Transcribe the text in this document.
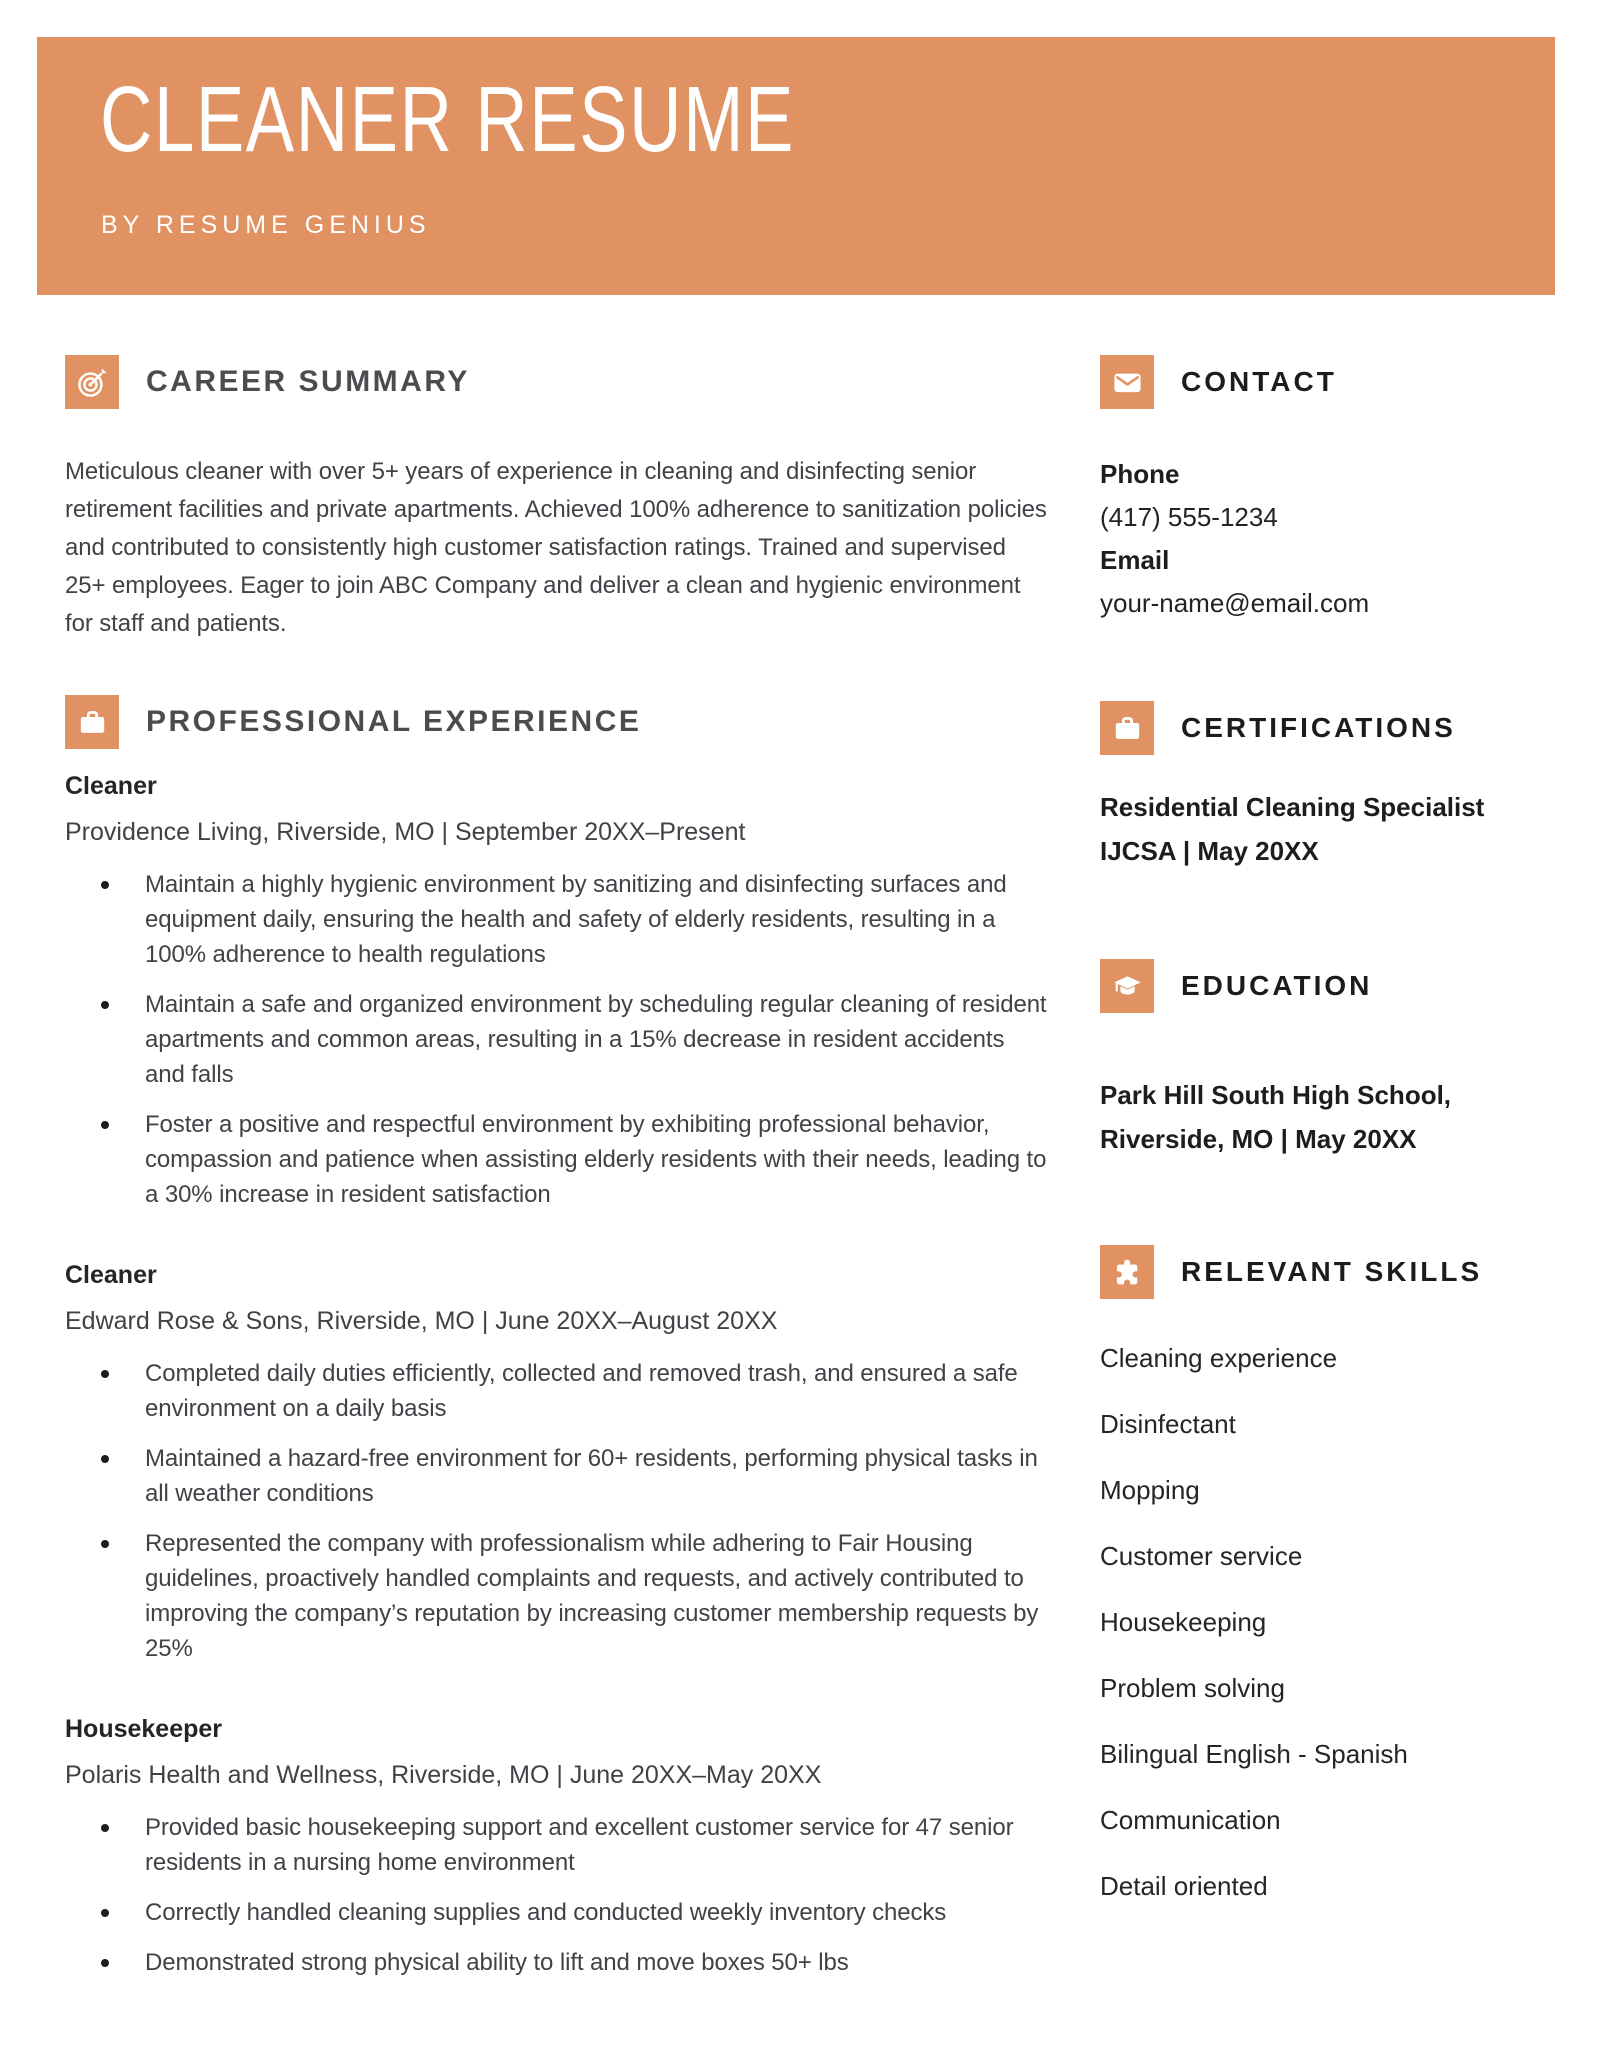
CLEANER RESUME
BY RESUME GENIUS
CAREER SUMMARY

Meticulous cleaner with over 5+ years of experience in cleaning and disinfecting senior retirement facilities and private apartments. Achieved 100% adherence to sanitization policies and contributed to consistently high customer satisfaction ratings. Trained and supervised 25+ employees. Eager to join ABC Company and deliver a clean and hygienic environment for staff and patients.

PROFESSIONAL EXPERIENCE
Cleaner
Providence Living, Riverside, MO | September 20XX–Present
Maintain a highly hygienic environment by sanitizing and disinfecting surfaces and equipment daily, ensuring the health and safety of elderly residents, resulting in a 100% adherence to health regulations
Maintain a safe and organized environment by scheduling regular cleaning of resident apartments and common areas, resulting in a 15% decrease in resident accidents and falls
Foster a positive and respectful environment by exhibiting professional behavior, compassion and patience when assisting elderly residents with their needs, leading to a 30% increase in resident satisfaction
Cleaner
Edward Rose & Sons, Riverside, MO | June 20XX–August 20XX
Completed daily duties efficiently, collected and removed trash, and ensured a safe environment on a daily basis
Maintained a hazard-free environment for 60+ residents, performing physical tasks in all weather conditions
Represented the company with professionalism while adhering to Fair Housing guidelines, proactively handled complaints and requests, and actively contributed to improving the company’s reputation by increasing customer membership requests by 25%
Housekeeper
Polaris Health and Wellness, Riverside, MO | June 20XX–May 20XX
Provided basic housekeeping support and excellent customer service for 47 senior residents in a nursing home environment
Correctly handled cleaning supplies and conducted weekly inventory checks
Demonstrated strong physical ability to lift and move boxes 50+ lbs
CONTACT
Phone
(417) 555-1234
Email
your-name@email.com
CERTIFICATIONS
Residential Cleaning Specialist IJCSA | May 20XX
EDUCATION
Park Hill South High School, Riverside, MO | May 20XX
RELEVANT SKILLS
Cleaning experience
Disinfectant
Mopping
Customer service
Housekeeping
Problem solving
Bilingual English - Spanish
Communication
Detail oriented
